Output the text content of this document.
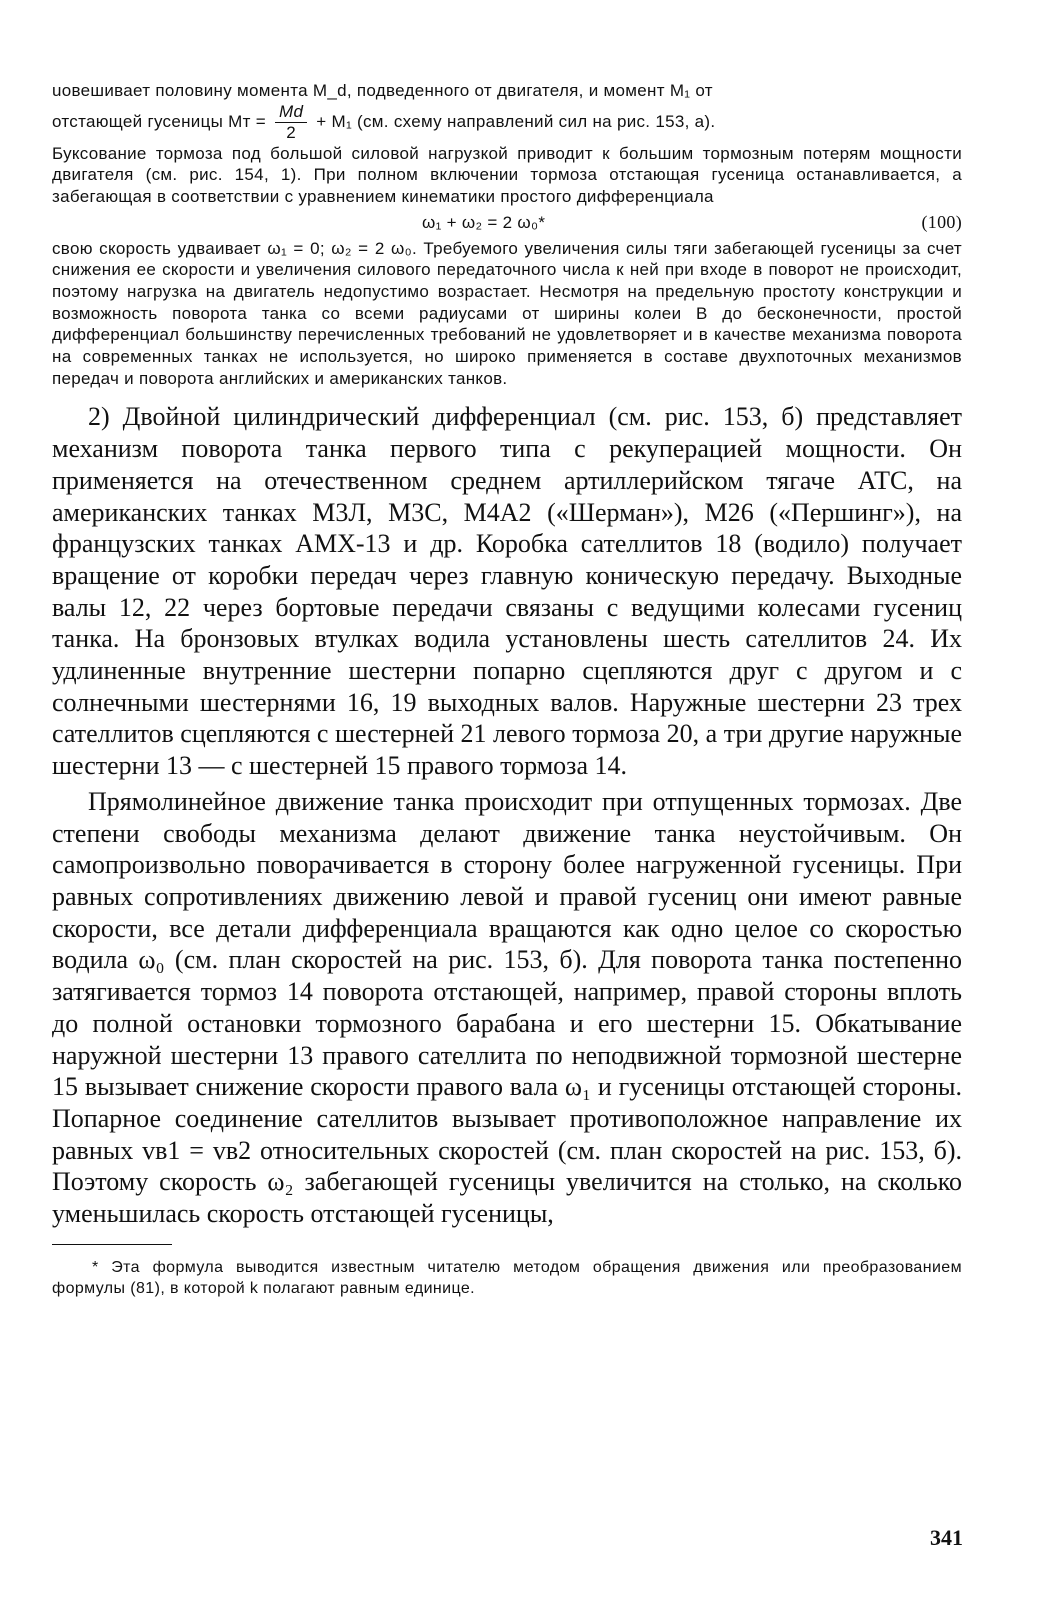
uовешивает половину момента M_d, подведенного от двигателя, и момент M₁ от

отстающей гусеницы Mт = $\frac{Md}{2} + M_1$ (см. схему направлений сил на рис. 153, а).

Буксование тормоза под большой силовой нагрузкой приводит к большим тормозным потерям мощности двигателя (см. рис. 154, 1). При полном включении тормоза отстающая гусеница останавливается, а забегающая в соответствии с уравнением кинематики простого дифференциала

ω₁ + ω₂ = 2 ω₀*	(100)

свою скорость удваивает ω₁ = 0; ω₂ = 2 ω₀. Требуемого увеличения силы тяги забегающей гусеницы за счет снижения ее скорости и увеличения силового передаточного числа к ней при входе в поворот не происходит, поэтому нагрузка на двигатель недопустимо возрастает. Несмотря на предельную простоту конструкции и возможность поворота танка со всеми радиусами от ширины колеи B до бесконечности, простой дифференциал большинству перечисленных требований не удовлетворяет и в качестве механизма поворота на современных танках не используется, но широко применяется в составе двухпоточных механизмов передач и поворота английских и американских танков.

2) Двойной цилиндрический дифференциал (см. рис. 153, б) представляет механизм поворота танка первого типа с рекуперацией мощности. Он применяется на отечественном среднем артиллерийском тягаче АТС, на американских танках М3Л, М3С, М4А2 («Шерман»), М26 («Першинг»), на французских танках АМХ-13 и др. Коробка сателлитов 18 (водило) получает вращение от коробки передач через главную коническую передачу. Выходные валы 12, 22 через бортовые передачи связаны с ведущими колесами гусениц танка. На бронзовых втулках водила установлены шесть сателлитов 24. Их удлиненные внутренние шестерни попарно сцепляются друг с другом и с солнечными шестернями 16, 19 выходных валов. Наружные шестерни 23 трех сателлитов сцепляются с шестерней 21 левого тормоза 20, а три другие наружные шестерни 13 — с шестерней 15 правого тормоза 14.

Прямолинейное движение танка происходит при отпущенных тормозах. Две степени свободы механизма делают движение танка неустойчивым. Он самопроизвольно поворачивается в сторону более нагруженной гусеницы. При равных сопротивлениях движению левой и правой гусениц они имеют равные скорости, все детали дифференциала вращаются как одно целое со скоростью водила ω₀ (см. план скоростей на рис. 153, б). Для поворота танка постепенно затягивается тормоз 14 поворота отстающей, например, правой стороны вплоть до полной остановки тормозного барабана и его шестерни 15. Обкатывание наружной шестерни 13 правого сателлита по неподвижной тормозной шестерне 15 вызывает снижение скорости правого вала ω₁ и гусеницы отстающей стороны. Попарное соединение сателлитов вызывает противоположное направление их равных vв1 = vв2 относительных скоростей (см. план скоростей на рис. 153, б). Поэтому скорость ω₂ забегающей гусеницы увеличится на столько, на сколько уменьшилась скорость отстающей гусеницы,

* Эта формула выводится известным читателю методом обращения движения или преобразованием формулы (81), в которой k полагают равным единице.

341
